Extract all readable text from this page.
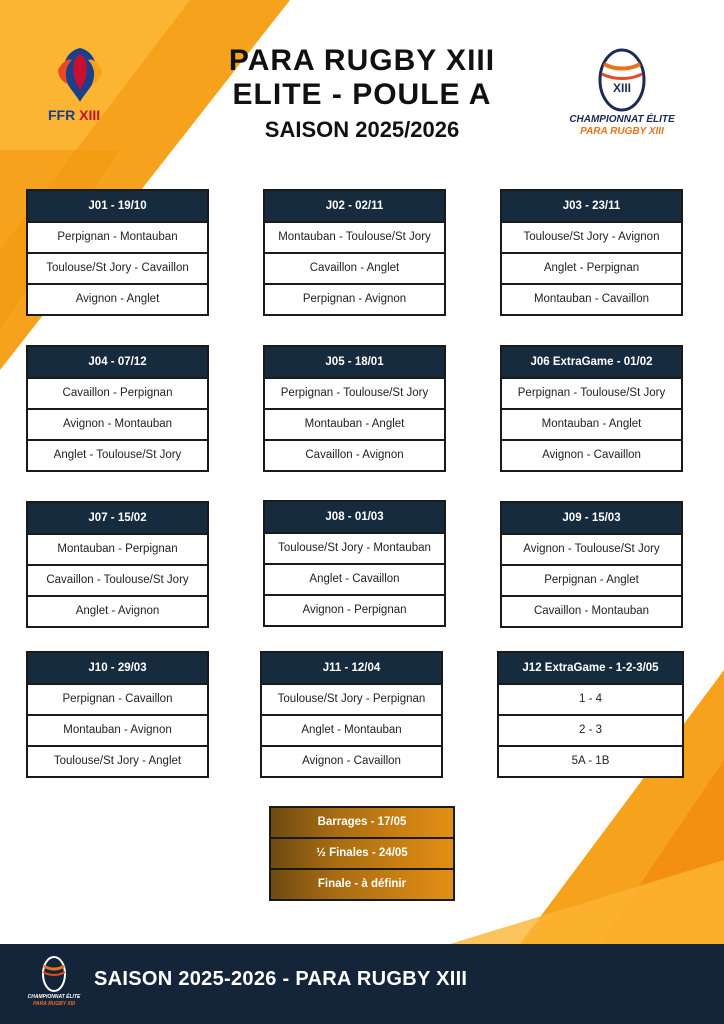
FFR XIII
PARA RUGBY XIII
ELITE - POULE A
SAISON 2025/2026
XIII
CHAMPIONNAT ÉLITE
PARA RUGBY XIII
J01 - 19/10
Perpignan - Montauban
Toulouse/St Jory - Cavaillon
Avignon - Anglet
J02 - 02/11
Montauban - Toulouse/St Jory
Cavaillon - Anglet
Perpignan - Avignon
J03 - 23/11
Toulouse/St Jory - Avignon
Anglet - Perpignan
Montauban - Cavaillon
J04 - 07/12
Cavaillon - Perpignan
Avignon - Montauban
Anglet - Toulouse/St Jory
J05 - 18/01
Perpignan - Toulouse/St Jory
Montauban - Anglet
Cavaillon - Avignon
J06 ExtraGame - 01/02
Perpignan - Toulouse/St Jory
Montauban - Anglet
Avignon - Cavaillon
J07 - 15/02
Montauban - Perpignan
Cavaillon - Toulouse/St Jory
Anglet - Avignon
J08 - 01/03
Toulouse/St Jory - Montauban
Anglet - Cavaillon
Avignon - Perpignan
J09 - 15/03
Avignon - Toulouse/St Jory
Perpignan - Anglet
Cavaillon - Montauban
J10 - 29/03
Perpignan - Cavaillon
Montauban - Avignon
Toulouse/St Jory - Anglet
J11 - 12/04
Toulouse/St Jory - Perpignan
Anglet - Montauban
Avignon - Cavaillon
J12 ExtraGame - 1-2-3/05
1 - 4
2 - 3
5A - 1B
Barrages - 17/05
½ Finales - 24/05
Finale - à définir
CHAMPIONNAT ÉLITE
PARA RUGBY XIII
SAISON 2025-2026 - PARA RUGBY XIII
